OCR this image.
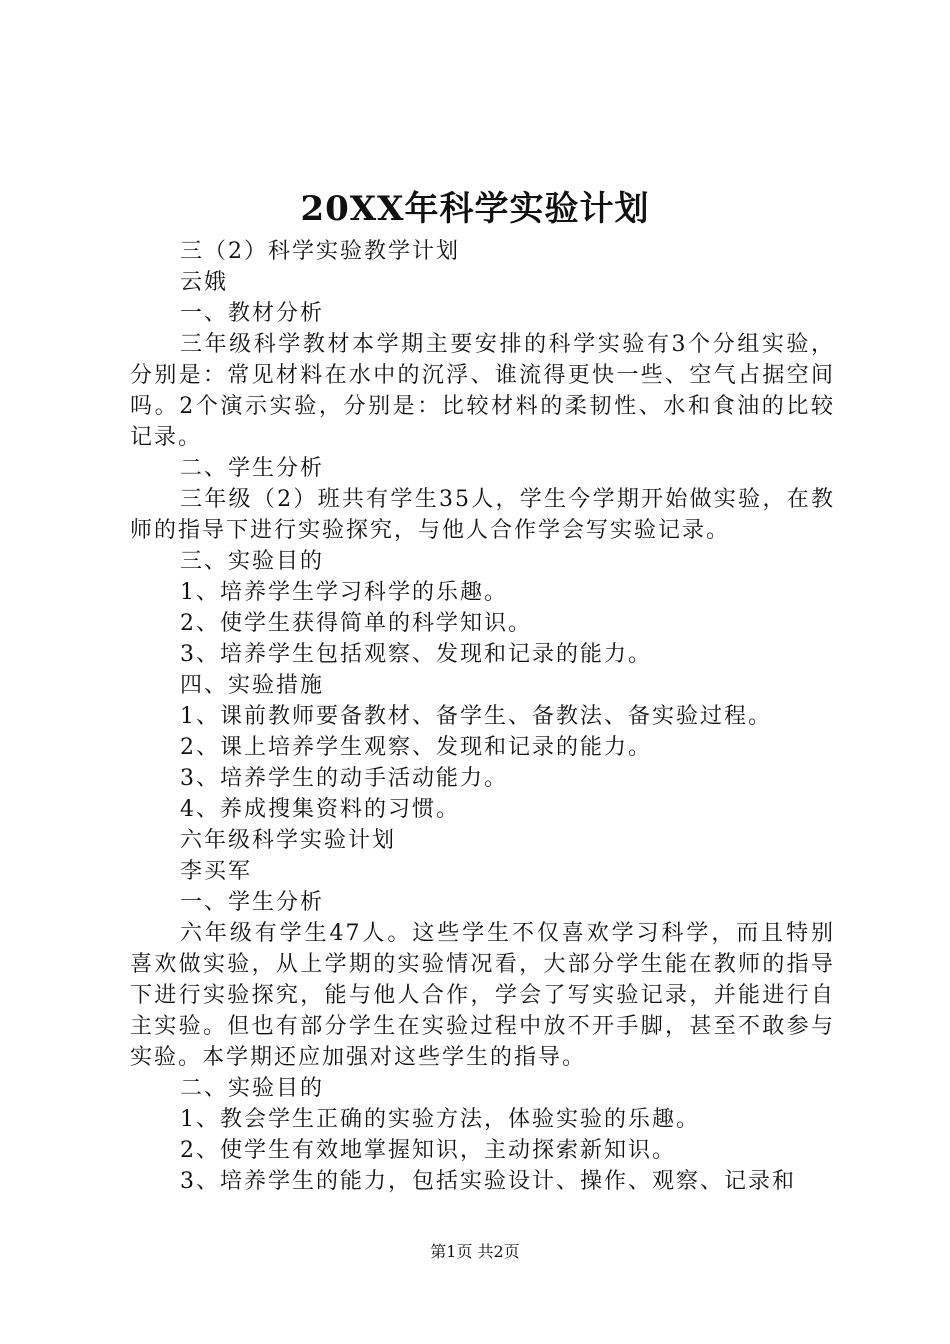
20XX年科学实验计划

三（2）科学实验教学计划

云娥

一、教材分析

三年级科学教材本学期主要安排的科学实验有3个分组实验，分别是：常见材料在水中的沉浮、谁流得更快一些、空气占据空间吗。2个演示实验，分别是：比较材料的柔韧性、水和食油的比较记录。

二、学生分析

三年级（2）班共有学生35人，学生今学期开始做实验，在教师的指导下进行实验探究，与他人合作学会写实验记录。

三、实验目的

1、培养学生学习科学的乐趣。

2、使学生获得简单的科学知识。

3、培养学生包括观察、发现和记录的能力。

四、实验措施

1、课前教师要备教材、备学生、备教法、备实验过程。

2、课上培养学生观察、发现和记录的能力。

3、培养学生的动手活动能力。

4、养成搜集资料的习惯。

六年级科学实验计划

李买军

一、学生分析

六年级有学生47人。这些学生不仅喜欢学习科学，而且特别喜欢做实验，从上学期的实验情况看，大部分学生能在教师的指导下进行实验探究，能与他人合作，学会了写实验记录，并能进行自主实验。但也有部分学生在实验过程中放不开手脚，甚至不敢参与实验。本学期还应加强对这些学生的指导。

二、实验目的

1、教会学生正确的实验方法，体验实验的乐趣。

2、使学生有效地掌握知识，主动探索新知识。

3、培养学生的能力，包括实验设计、操作、观察、记录和

第1页 共2页
